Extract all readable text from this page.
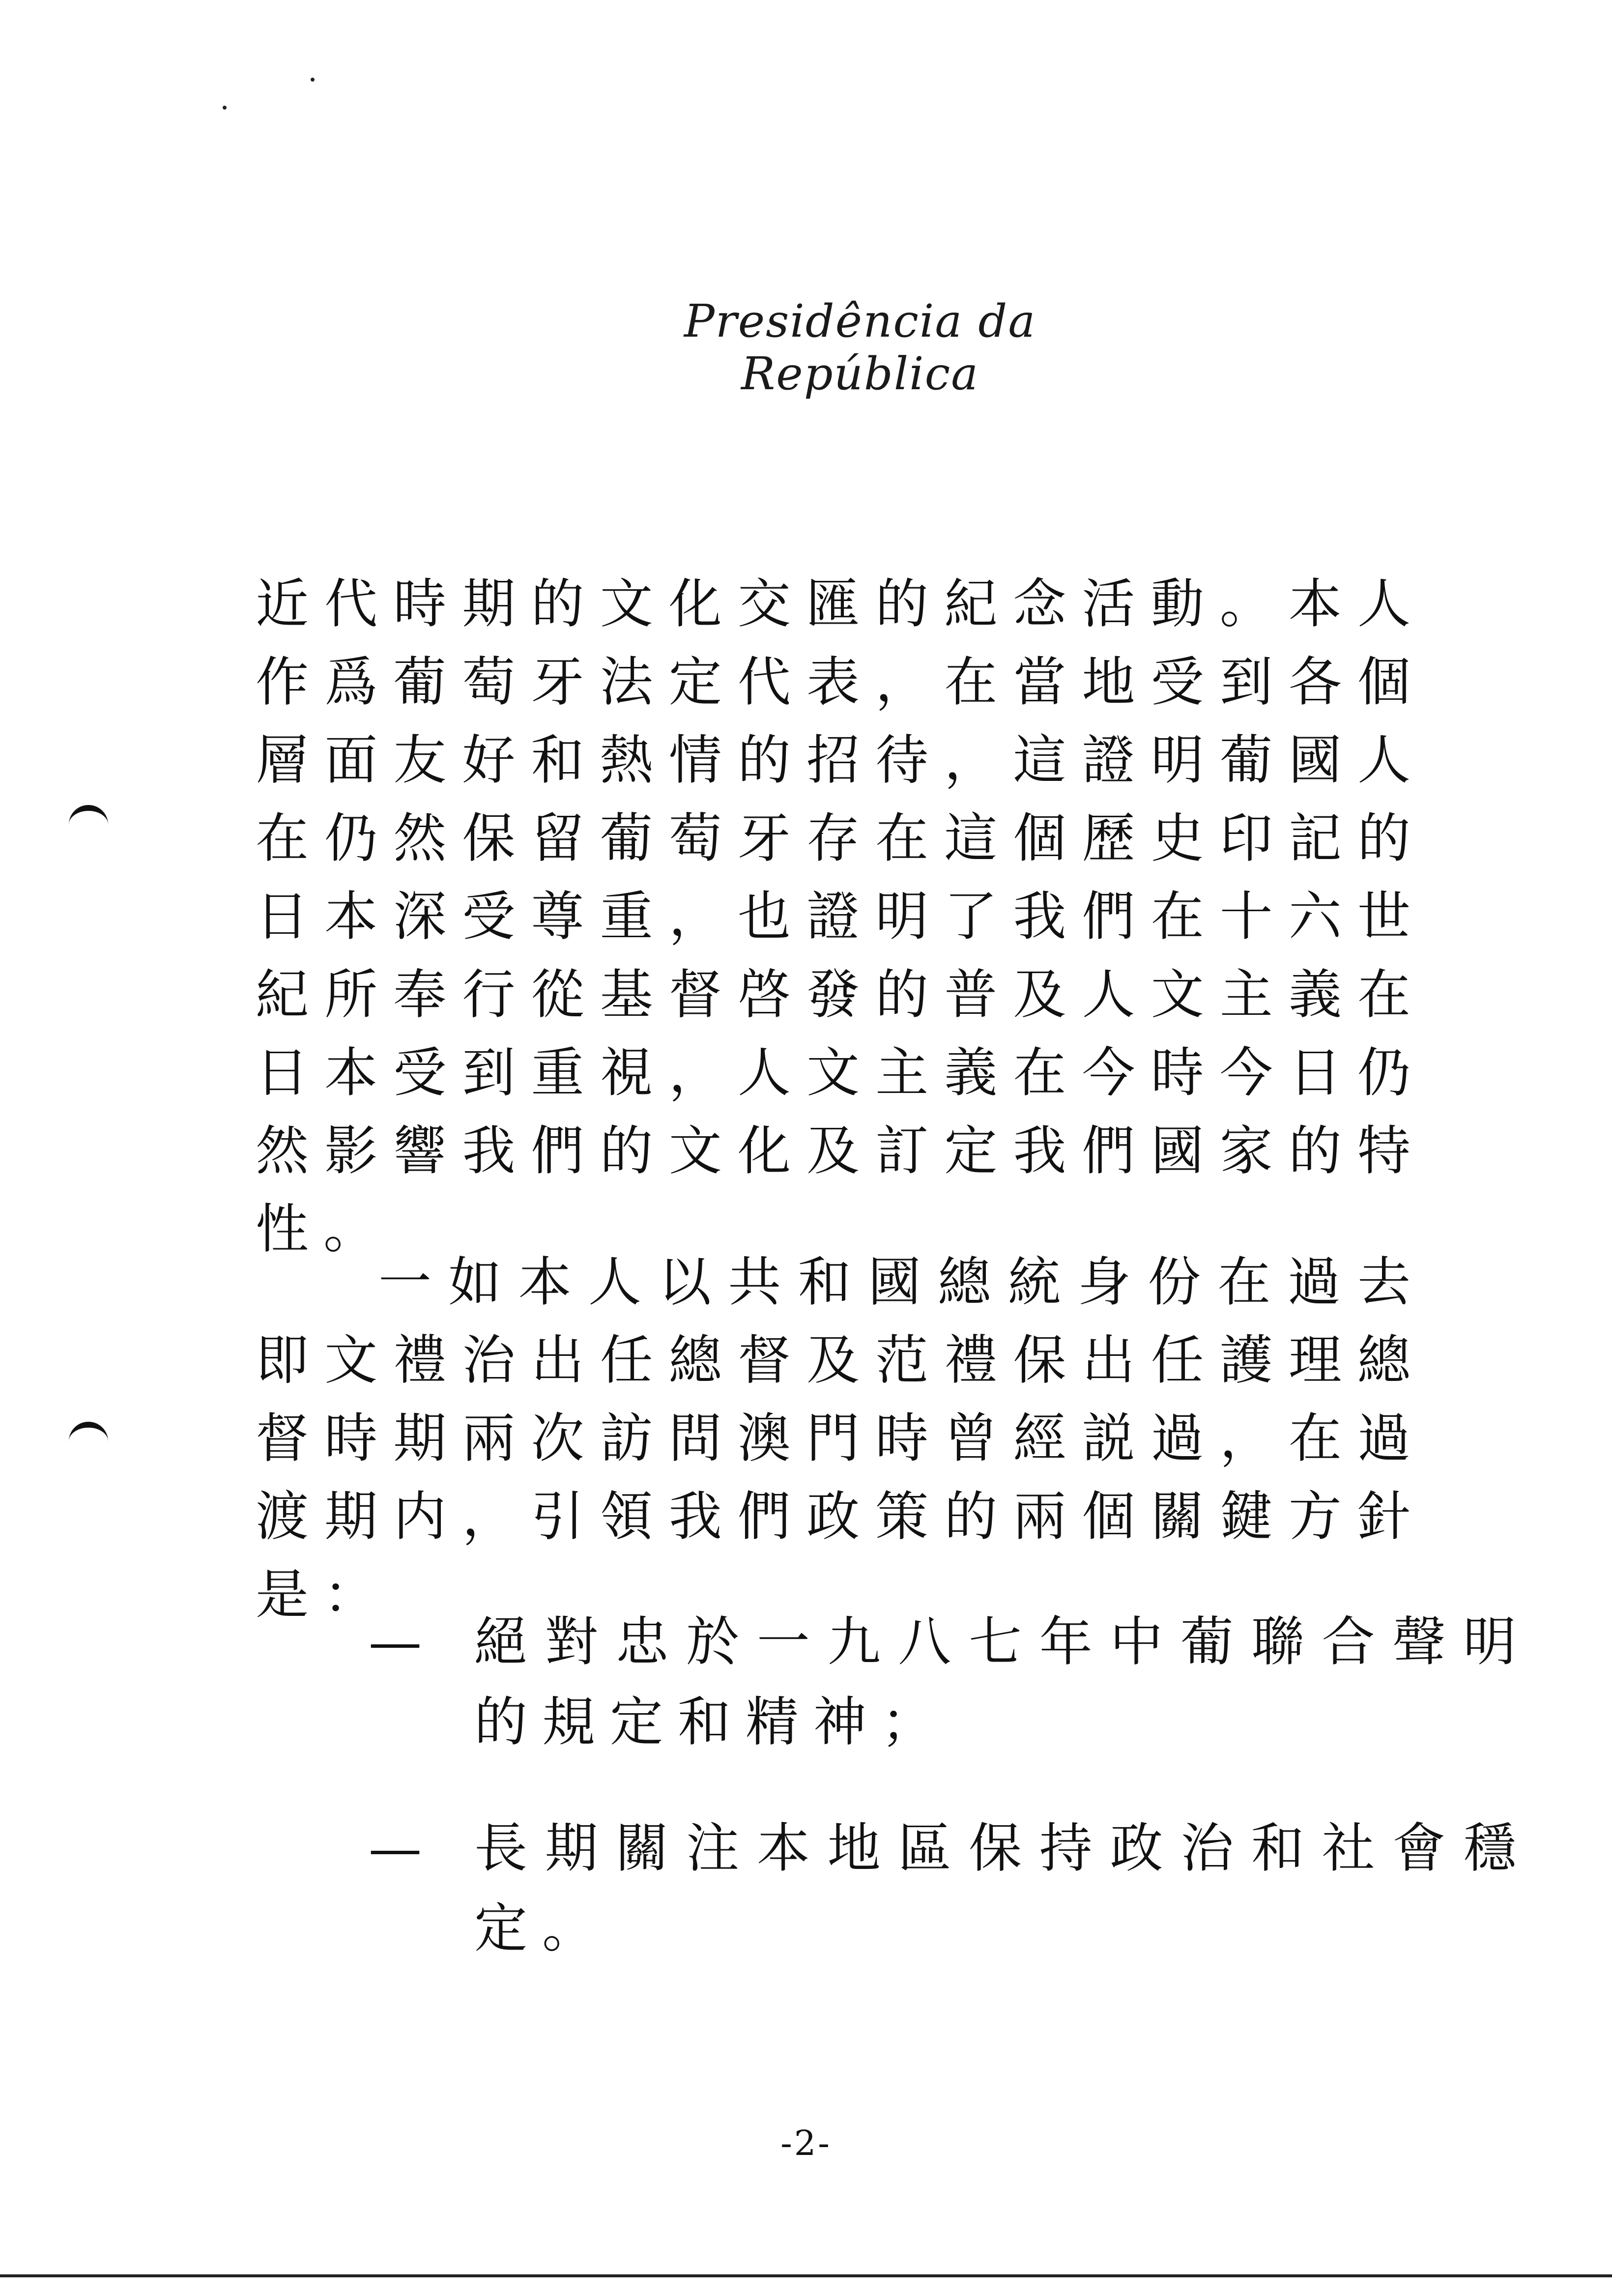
Presidência da República
近代時期的文化交匯的紀念活動。本人作爲葡萄牙法定代表，在當地受到各個層面友好和熱情的招待，這證明葡國人在仍然保留葡萄牙存在這個歷史印記的日本深受尊重，也證明了我們在十六世紀所奉行從基督啓發的普及人文主義在日本受到重視，人文主義在今時今日仍然影響我們的文化及訂定我們國家的特性。
一如本人以共和國總統身份在過去即文禮治出任總督及范禮保出任護理總督時期兩次訪問澳門時曾經説過，在過渡期内，引領我們政策的兩個關鍵方針是：
— 絕對忠於一九八七年中葡聯合聲明的規定和精神；
— 長期關注本地區保持政治和社會穩定。
-2-
